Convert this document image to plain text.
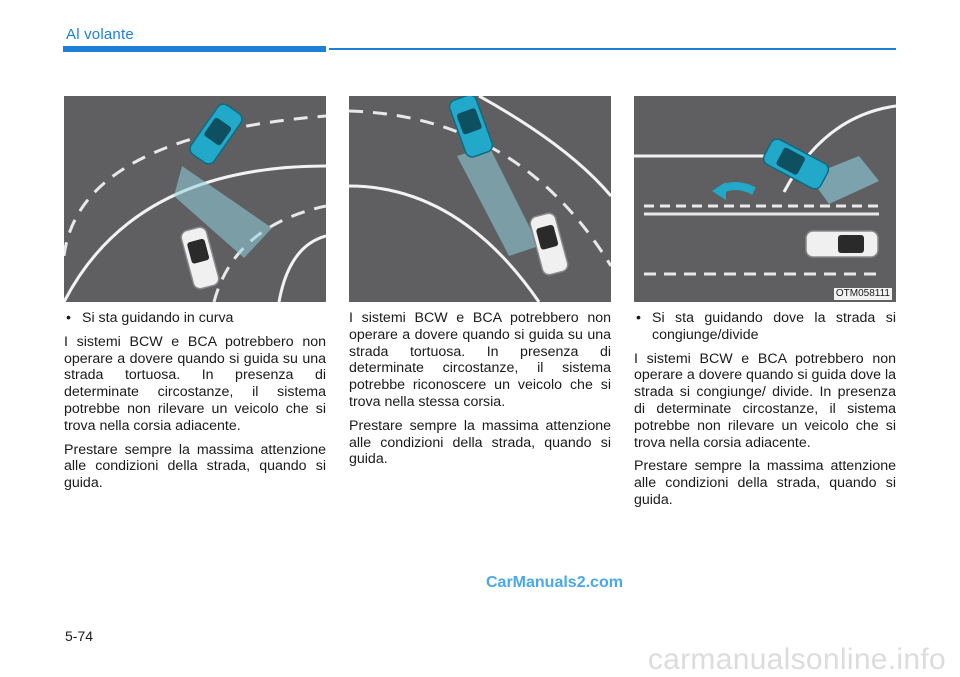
Al volante
OTM058111
• Si sta guidando in curva

I sistemi BCW e BCA potrebbero non operare a dovere quando si guida su una strada tortuosa. In presenza di determinate circostanze, il sistema potrebbe non rilevare un veicolo che si trova nella corsia adiacente.

Prestare sempre la massima attenzione alle condizioni della strada, quando si guida.

I sistemi BCW e BCA potrebbero non operare a dovere quando si guida su una strada tortuosa. In presenza di determinate circostanze, il sistema potrebbe riconoscere un veicolo che si trova nella stessa corsia.

Prestare sempre la massima attenzione alle condizioni della strada, quando si guida.

• Si sta guidando dove la strada si congiunge/divide

I sistemi BCW e BCA potrebbero non operare a dovere quando si guida dove la strada si congiunge/ divide. In presenza di determinate circostanze, il sistema potrebbe non rilevare un veicolo che si trova nella corsia adiacente.

Prestare sempre la massima attenzione alle condizioni della strada, quando si guida.

CarManuals2.com
5-74
carmanualsonline.info
